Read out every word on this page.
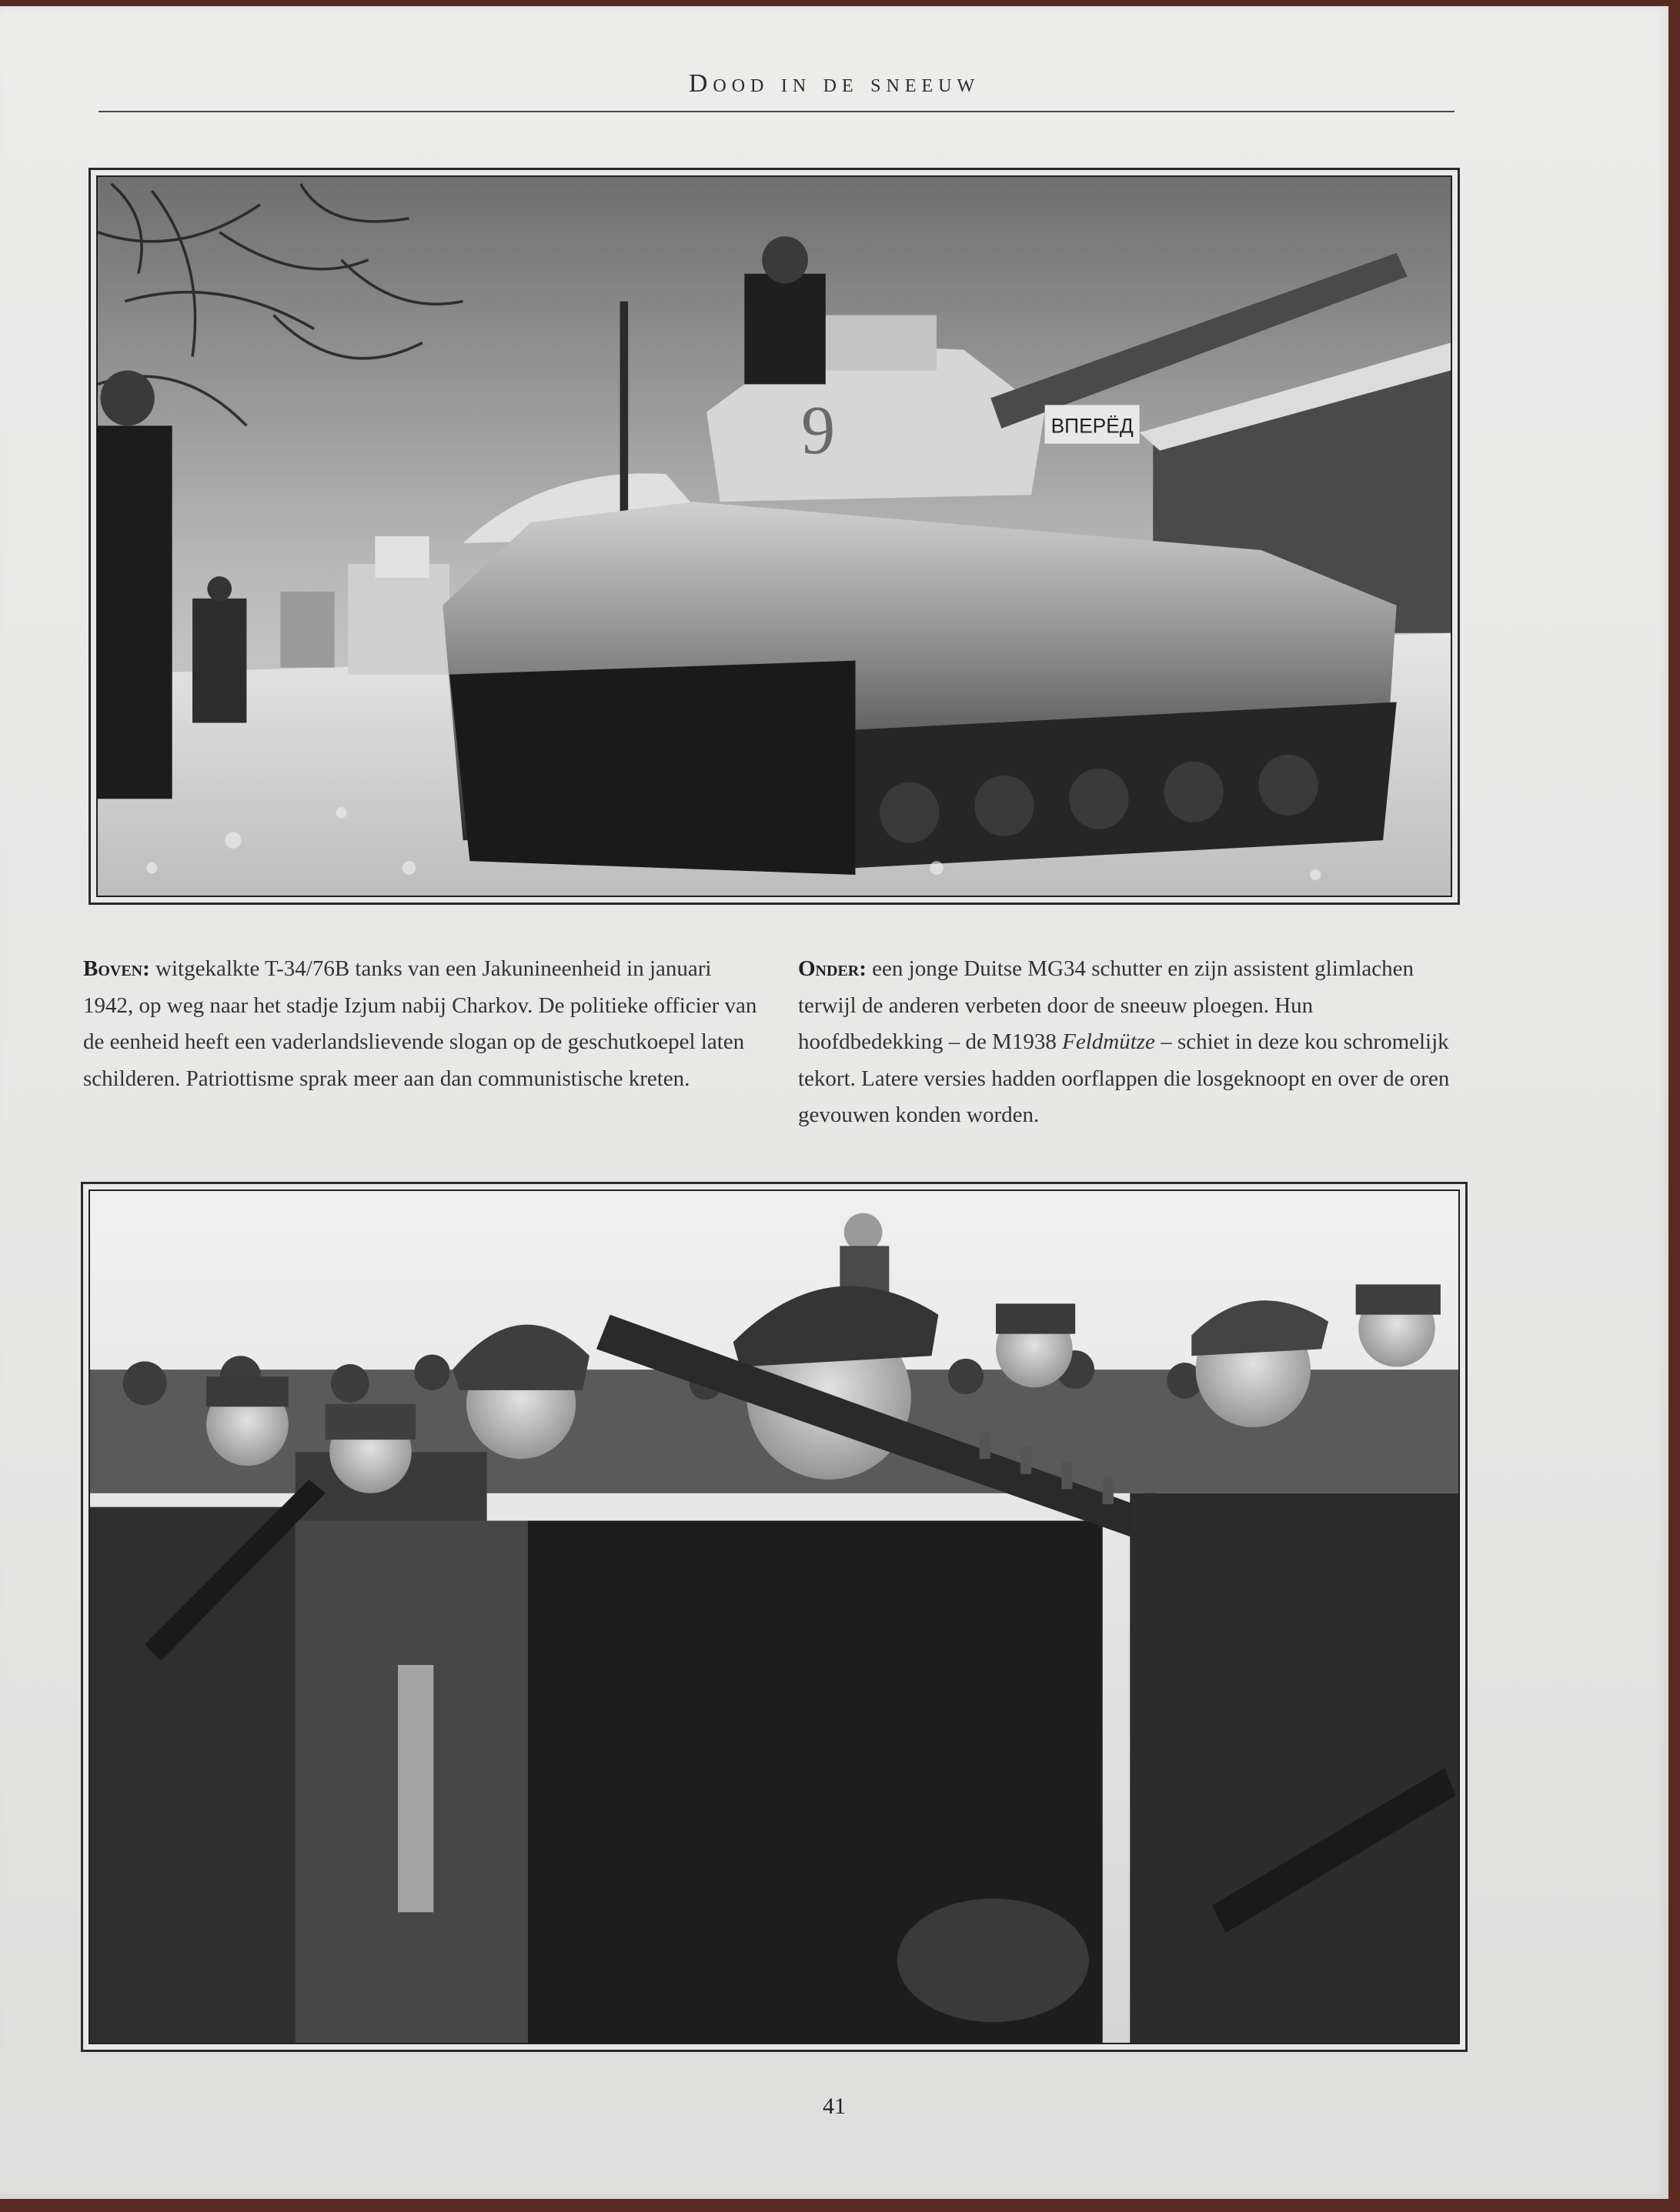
Dood in de sneeuw
ВПЕРЁД
9
Boven: witgekalkte T-34/76B tanks van een Jakunineenheid in januari 1942, op weg naar het stadje Izjum nabij Charkov. De politieke officier van de eenheid heeft een vaderlandslievende slogan op de geschutkoepel laten schilderen. Patriottisme sprak meer aan dan communistische kreten.
Onder: een jonge Duitse MG34 schutter en zijn assistent glimlachen terwijl de anderen verbeten door de sneeuw ploegen. Hun hoofdbedekking – de M1938 Feldmütze – schiet in deze kou schromelijk tekort. Latere versies hadden oorflappen die losgeknoopt en over de oren gevouwen konden worden.
41
